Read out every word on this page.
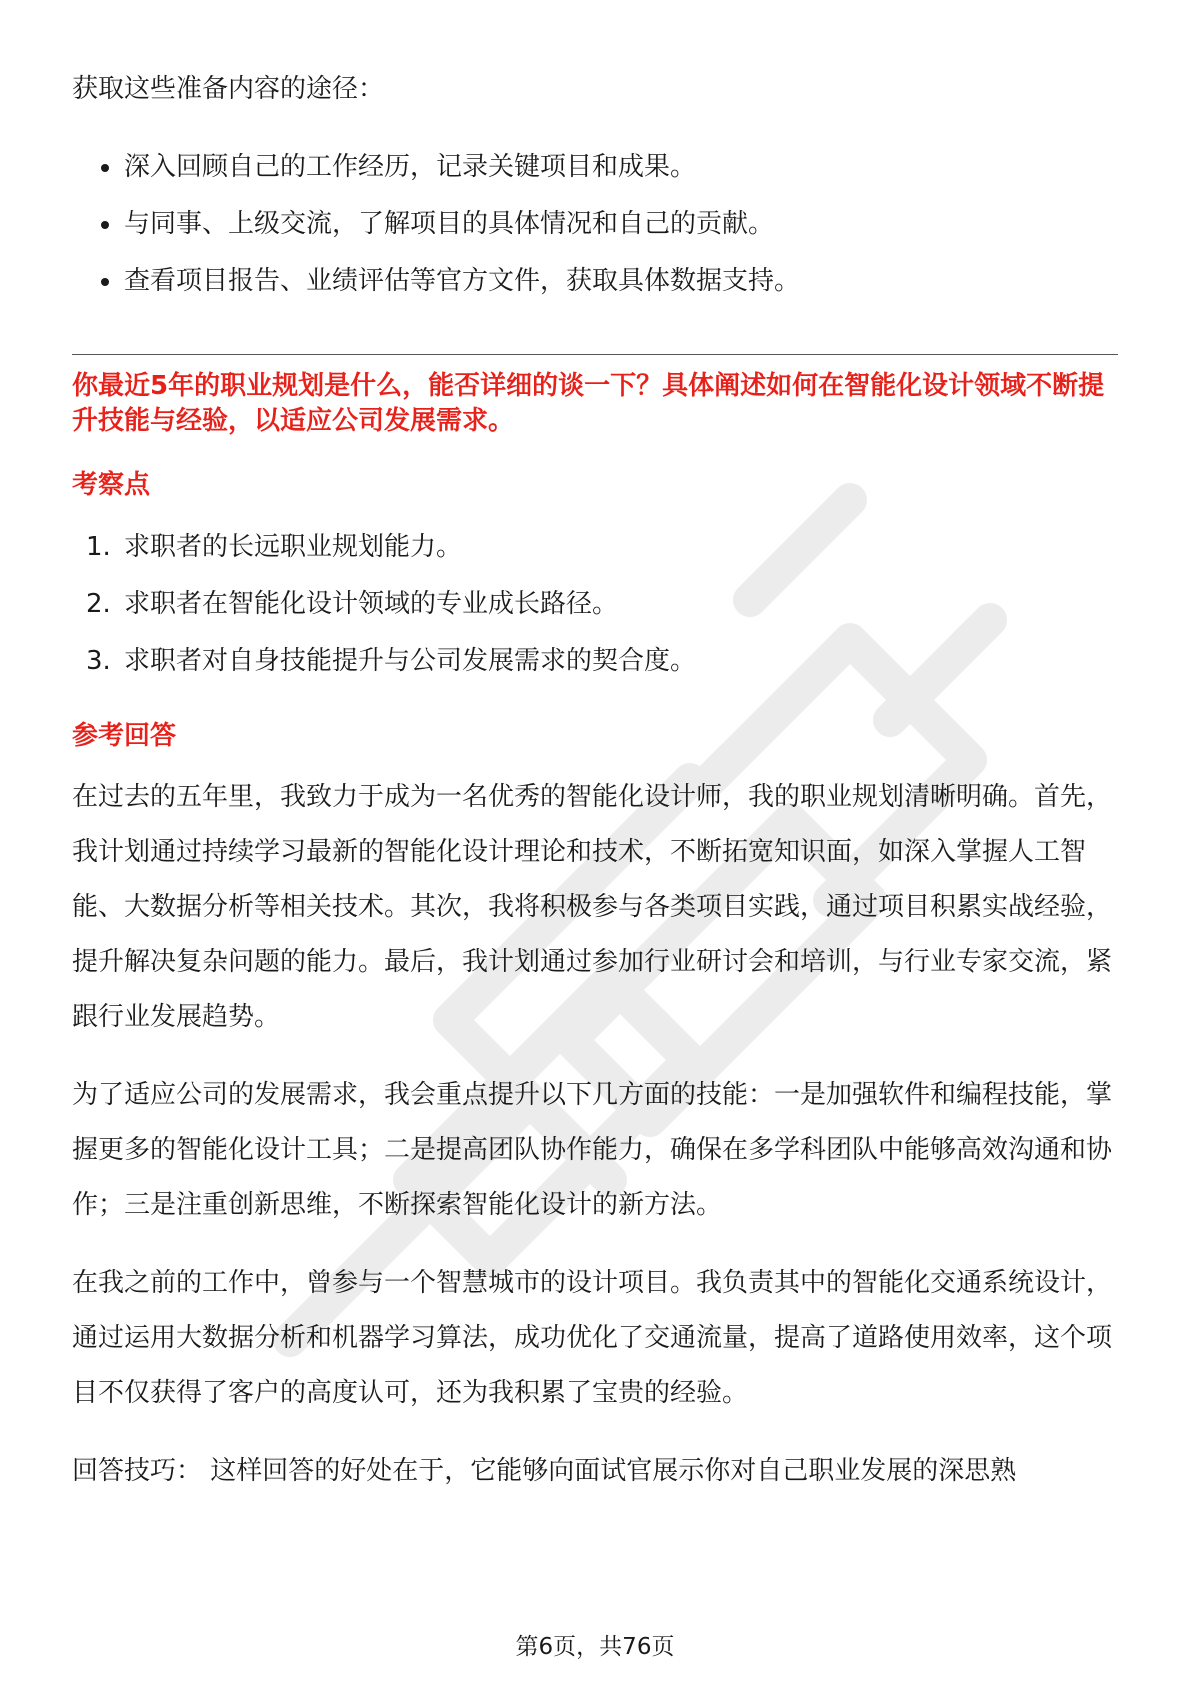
获取这些准备内容的途径：

深入回顾自己的工作经历，记录关键项目和成果。
与同事、上级交流，了解项目的具体情况和自己的贡献。
查看项目报告、业绩评估等官方文件，获取具体数据支持。

你最近5年的职业规划是什么，能否详细的谈一下？具体阐述如何在智能化设计领域不断提升技能与经验，以适应公司发展需求。

考察点
1. 求职者的长远职业规划能力。
2. 求职者在智能化设计领域的专业成长路径。
3. 求职者对自身技能提升与公司发展需求的契合度。
参考回答

在过去的五年里，我致力于成为一名优秀的智能化设计师，我的职业规划清晰明确。首先，我计划通过持续学习最新的智能化设计理论和技术，不断拓宽知识面，如深入掌握人工智能、大数据分析等相关技术。其次，我将积极参与各类项目实践，通过项目积累实战经验，提升解决复杂问题的能力。最后，我计划通过参加行业研讨会和培训，与行业专家交流，紧跟行业发展趋势。

为了适应公司的发展需求，我会重点提升以下几方面的技能：一是加强软件和编程技能，掌握更多的智能化设计工具；二是提高团队协作能力，确保在多学科团队中能够高效沟通和协作；三是注重创新思维，不断探索智能化设计的新方法。

在我之前的工作中，曾参与一个智慧城市的设计项目。我负责其中的智能化交通系统设计，通过运用大数据分析和机器学习算法，成功优化了交通流量，提高了道路使用效率，这个项目不仅获得了客户的高度认可，还为我积累了宝贵的经验。

回答技巧： 这样回答的好处在于，它能够向面试官展示你对自己职业发展的深思熟

第6页，共76页
